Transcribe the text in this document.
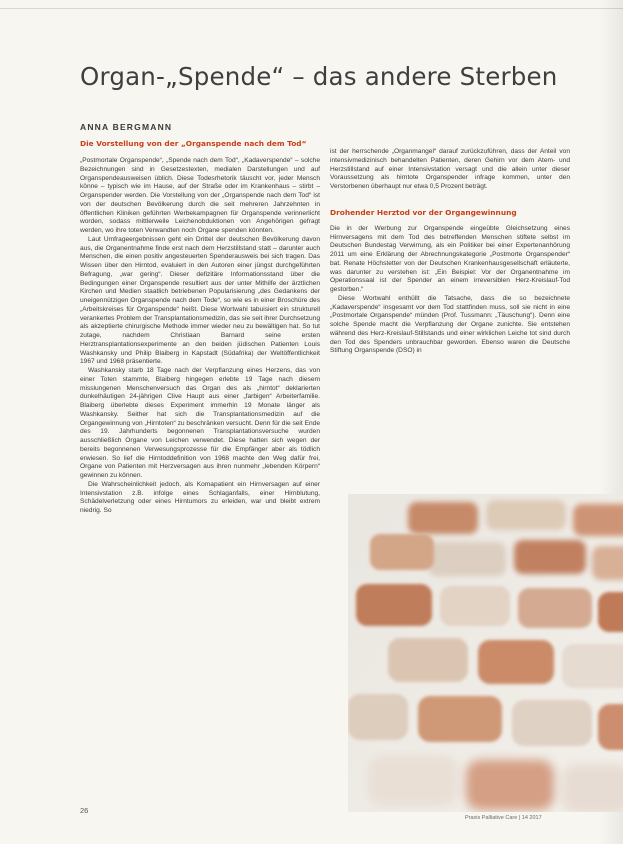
Organ-„Spende“ – das andere Sterben
ANNA BERGMANN
Die Vorstellung von der „Organspende nach dem Tod“

„Postmortale Organspende“, „Spende nach dem Tod“, „Kadaverspende“ – solche Bezeichnungen sind in Gesetzestexten, medialen Darstellungen und auf Organspendeausweisen üblich. Diese Todesrhetorik täuscht vor, jeder Mensch könne – typisch wie im Hause, auf der Straße oder im Krankenhaus – stirbt – Organspender werden. Die Vorstellung von der „Organspende nach dem Tod“ ist von der deutschen Bevölkerung durch die seit mehreren Jahrzehnten in öffentlichen Kliniken geführten Werbekampagnen für Organspende verinnerlicht worden, sodass mittlerweile Leichenobduktionen von Angehörigen gefragt werden, wo ihre toten Verwandten noch Organe spenden könnten.

Laut Umfrageergebnissen geht ein Drittel der deutschen Bevölkerung davon aus, die Organentnahme finde erst nach dem Herzstillstand statt – darunter auch Menschen, die einen positiv angesteuerten Spenderausweis bei sich tragen. Das Wissen über den Hirntod, evaluiert in den Autoren einer jüngst durchgeführten Befragung, „war gering“. Dieser defizitäre Informationsstand über die Bedingungen einer Organspende resultiert aus der unter Mithilfe der ärztlichen Kirchen und Medien staatlich betriebenen Popularisierung „des Gedankens der uneigennützigen Organspende nach dem Tode“, so wie es in einer Broschüre des „Arbeitskreises für Organspende“ heißt. Diese Wortwahl tabuisiert ein strukturell verankertes Problem der Transplantationsmedizin, das sie seit ihrer Durchsetzung als akzeptierte chirurgische Methode immer wieder neu zu bewältigen hat. So tut zutage, nachdem Christiaan Barnard seine ersten Herztransplantationsexperimente an den beiden jüdischen Patienten Louis Washkansky und Philip Blaiberg in Kapstadt (Südafrika) der Weltöffentlichkeit 1967 und 1968 präsentierte.

Washkansky starb 18 Tage nach der Verpflanzung eines Herzens, das von einer Toten stammte, Blaiberg hingegen erlebte 19 Tage nach diesem misslungenen Menschenversuch das Organ des als „hirntot“ deklarierten dunkelhäutigen 24-jährigen Clive Haupt aus einer „farbigen“ Arbeiterfamilie. Blaiberg überlebte dieses Experiment immerhin 19 Monate länger als Washkansky. Seither hat sich die Transplantationsmedizin auf die Organgewinnung von „Hirntoten“ zu beschränken versucht. Denn für die seit Ende des 19. Jahrhunderts begonnenen Transplantationsversuche wurden ausschließlich Organe von Leichen verwendet. Diese hatten sich wegen der bereits begonnenen Verwesungsprozesse für die Empfänger aber als tödlich erwiesen. So lief die Hirntoddefinition von 1968 machte den Weg dafür frei, Organe von Patienten mit Herzversagen aus ihren nunmehr „lebenden Körpern“ gewinnen zu können.

Die Wahrscheinlichkeit jedoch, als Komapatient ein Hirnversagen auf einer Intensivstation z.B. infolge eines Schlaganfalls, einer Hirnblutung, Schädelverletzung oder eines Hirntumors zu erleiden, war und bleibt extrem niedrig. So

ist der herrschende „Organmangel“ darauf zurückzuführen, dass der Anteil von intensivmedizinisch behandelten Patienten, deren Gehirn vor dem Atem- und Herzstillstand auf einer Intensivstation versagt und die allein unter dieser Voraussetzung als hirntote Organspender infrage kommen, unter den Verstorbenen überhaupt nur etwa 0,5 Prozent beträgt.

Drohender Herztod vor der Organgewinnung

Die in der Werbung zur Organspende eingeübte Gleichsetzung eines Hirnversagens mit dem Tod des betreffenden Menschen stiftete selbst im Deutschen Bundestag Verwirrung, als ein Politiker bei einer Expertenanhörung 2011 um eine Erklärung der Abrechnungskategorie „Postmorte Organspender“ bat. Renate Höchstetter von der Deutschen Krankenhausgesellschaft erläuterte, was darunter zu verstehen ist: „Ein Beispiel: Vor der Organentnahme im Operationssaal ist der Spender an einem irreversiblen Herz-Kreislauf-Tod gestorben.“

Diese Wortwahl enthüllt die Tatsache, dass die so bezeichnete „Kadaverspende“ insgesamt vor dem Tod stattfinden muss, soll sie nicht in eine „Postmortale Organspende“ münden (Prof. Tussmann: „Täuschung“). Denn eine solche Spende macht die Verpflanzung der Organe zunichte. Sie entstehen während des Herz-Kreislauf-Stillstands und einer wirklichen Leiche tot sind durch den Tod des Spenders unbrauchbar geworden. Ebenso waren die Deutsche Stiftung Organspende (DSO) in

26
Praxis Palliative Care | 14 2017
